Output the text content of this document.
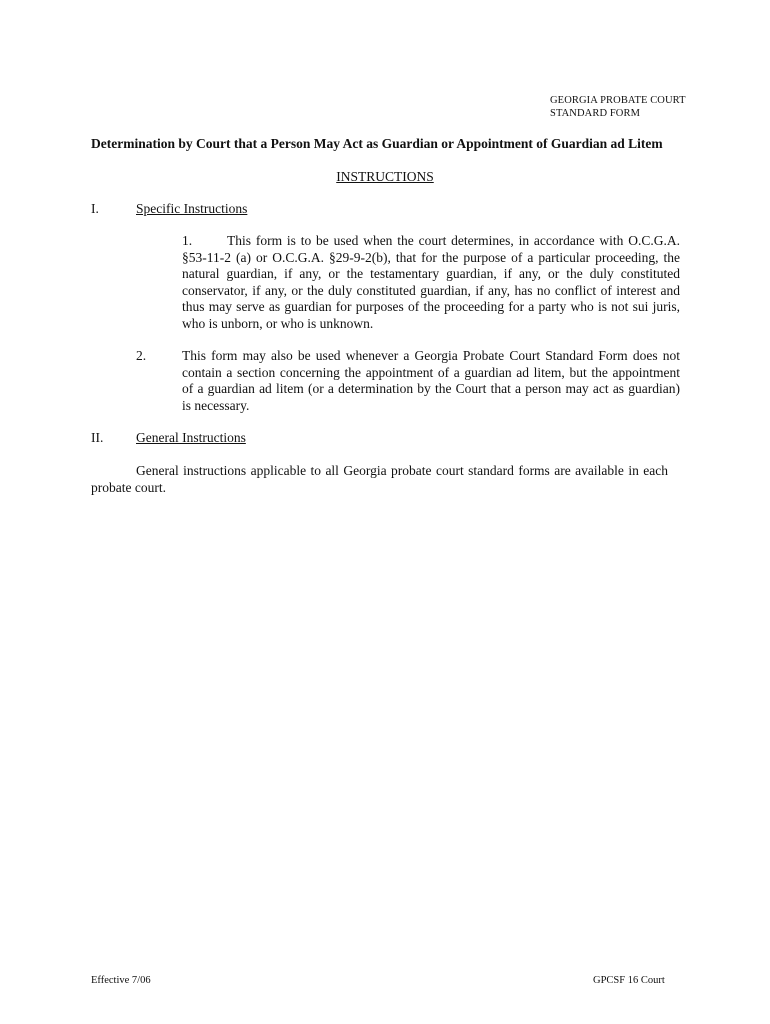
GEORGIA PROBATE COURT
STANDARD FORM
Determination by Court that a Person May Act as Guardian or Appointment of Guardian ad Litem
INSTRUCTIONS
I.	Specific Instructions
1.	This form is to be used when the court determines, in accordance with O.C.G.A.
§53-11-2 (a) or O.C.G.A. §29-9-2(b), that for the purpose of a particular proceeding, the
natural guardian, if any, or the testamentary guardian, if any, or the duly constituted
conservator, if any, or the duly constituted guardian, if any, has no conflict of interest and
thus may serve as guardian for purposes of the proceeding for a party who is not sui juris,
who is unborn, or who is unknown.
2.	This form may also be used whenever a Georgia Probate Court Standard Form does not
contain a section concerning the appointment of a guardian ad litem, but the appointment
of a guardian ad litem (or a determination by the Court that a person may act as guardian)
is necessary.
II. General Instructions
General instructions applicable to all Georgia probate court standard forms are available in each
probate court.
Effective 7/06	GPCSF 16 Court
